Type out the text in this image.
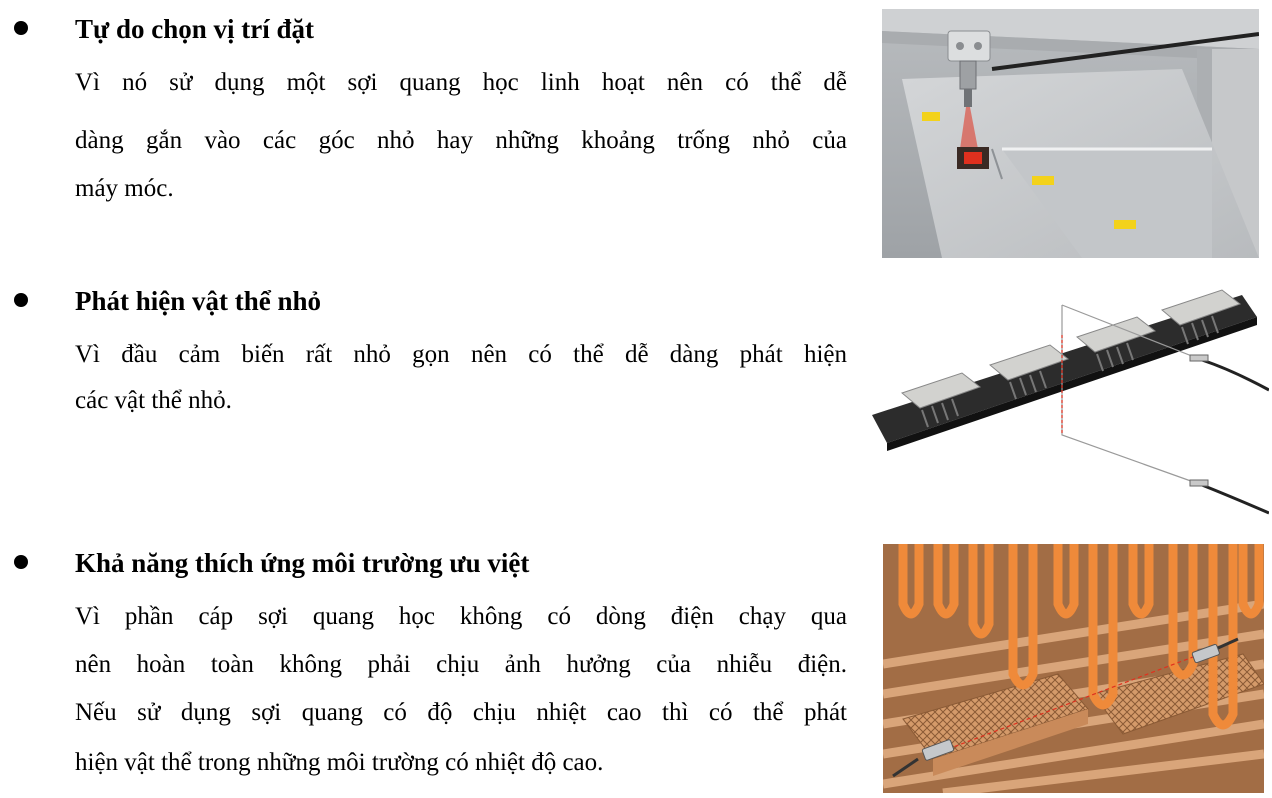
Tự do chọn vị trí đặt
Vì nó sử dụng một sợi quang học linh hoạt nên có thể dễ
dàng gắn vào các góc nhỏ hay những khoảng trống nhỏ của
máy móc.
Phát hiện vật thể nhỏ
Vì đầu cảm biến rất nhỏ gọn nên có thể dễ dàng phát hiện
các vật thể nhỏ.
Khả năng thích ứng môi trường ưu việt
Vì phần cáp sợi quang học không có dòng điện chạy qua
nên hoàn toàn không phải chịu ảnh hưởng của nhiễu điện.
Nếu sử dụng sợi quang có độ chịu nhiệt cao thì có thể phát
hiện vật thể trong những môi trường có nhiệt độ cao.
